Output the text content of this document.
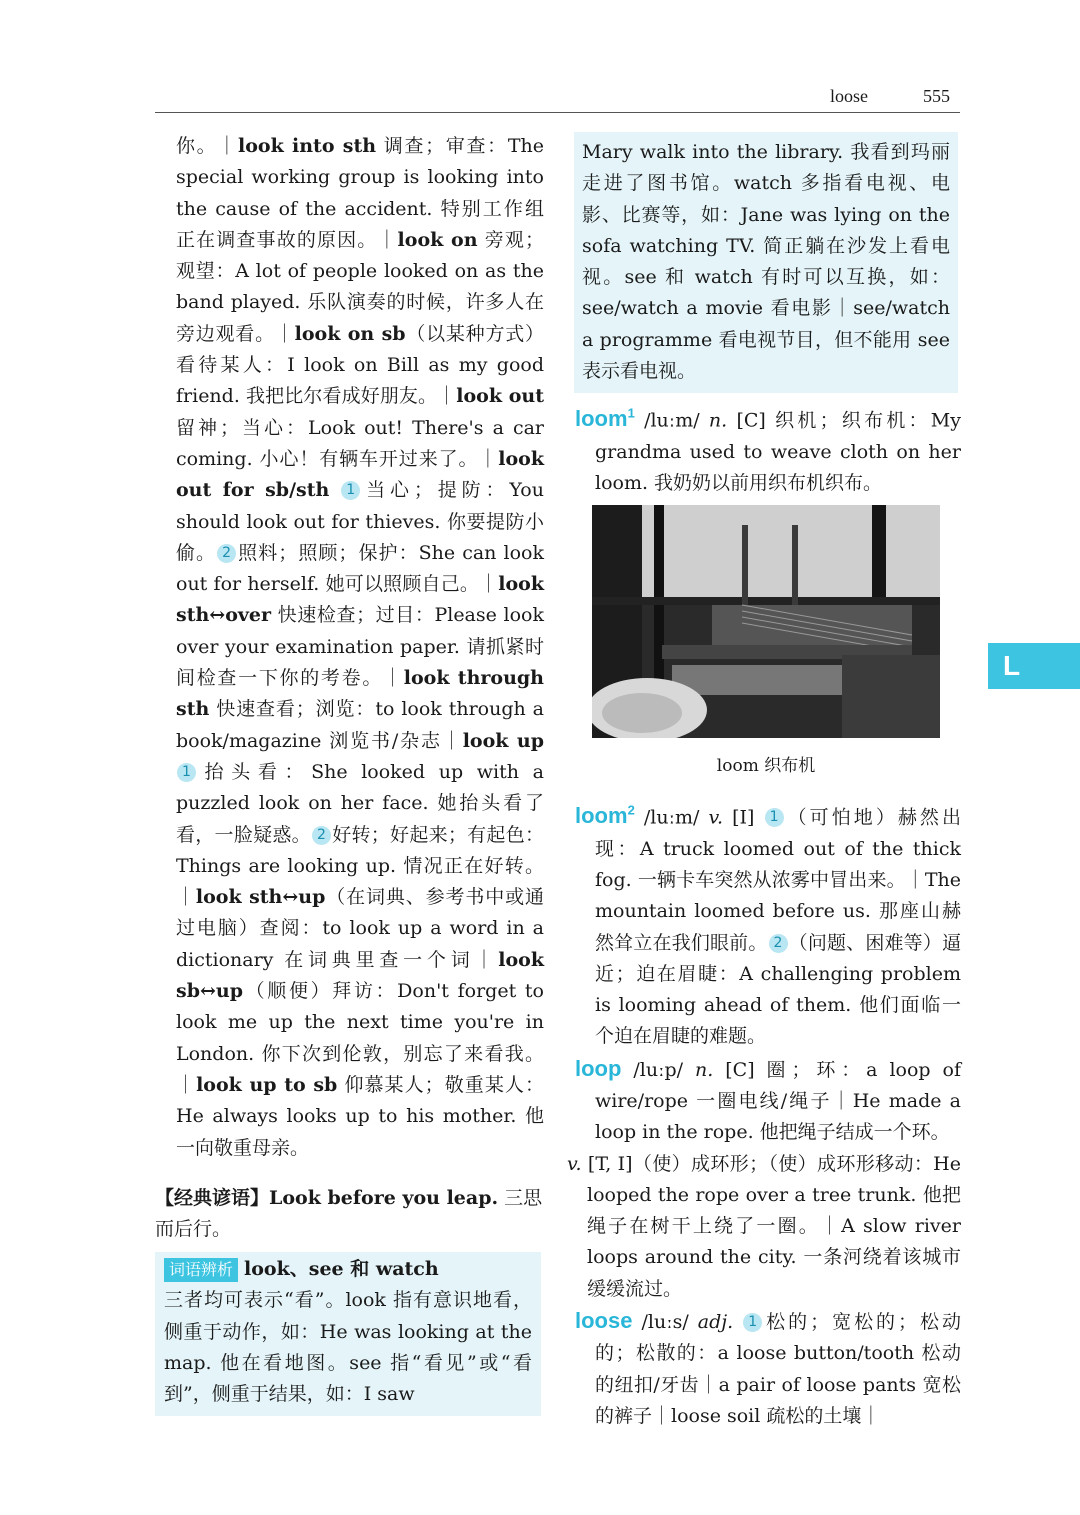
loose	555
L

你。｜look into sth 调查；审查：The special working group is looking into the cause of the accident. 特别工作组正在调查事故的原因。｜look on 旁观；观望：A lot of people looked on as the band played. 乐队演奏的时候，许多人在旁边观看。｜look on sb（以某种方式）看待某人：I look on Bill as my good friend. 我把比尔看成好朋友。｜look out 留神；当心：Look out! There's a car coming. 小心！有辆车开过来了。｜look out for sb/sth 1 当心；提防：You should look out for thieves. 你要提防小偷。 2 照料；照顾；保护：She can look out for herself. 她可以照顾自己。｜look sth↔over 快速检查；过目：Please look over your examination paper. 请抓紧时间检查一下你的考卷。｜look through sth 快速查看；浏览：to look through a book/magazine 浏览书/杂志｜look up 1 抬头看：She looked up with a puzzled look on her face. 她抬头看了看，一脸疑惑。 2 好转；好起来；有起色：Things are looking up. 情况正在好转。｜look sth↔up（在词典、参考书中或通过电脑）查阅：to look up a word in a dictionary 在词典里查一个词｜look sb↔up（顺便）拜访：Don't forget to look me up the next time you're in London. 你下次到伦敦，别忘了来看我。｜look up to sb 仰慕某人；敬重某人：He always looks up to his mother. 他一向敬重母亲。

【经典谚语】Look before you leap. 三思而后行。
词语辨析 look、see 和 watch
三者均可表示“看”。look 指有意识地看，侧重于动作，如：He was looking at the map. 他在看地图。see 指“看见”或“看到”，侧重于结果，如：I saw
Mary walk into the library. 我看到玛丽走进了图书馆。watch 多指看电视、电影、比赛等，如：Jane was lying on the sofa watching TV. 简正躺在沙发上看电视。see 和 watch 有时可以互换，如：see/watch a movie 看电影｜see/watch a programme 看电视节目，但不能用 see 表示看电视。

loom$^1$ /luːm/ n. [C] 织机；织布机：My grandma used to weave cloth on her loom. 我奶奶以前用织布机织布。

loom 织布机

loom$^2$ /luːm/ v. [I] 1 （可怕地）赫然出现：A truck loomed out of the thick fog. 一辆卡车突然从浓雾中冒出来。｜The mountain loomed before us. 那座山赫然耸立在我们眼前。 2 （问题、困难等）逼近；迫在眉睫：A challenging problem is looming ahead of them. 他们面临一个迫在眉睫的难题。

loop /luːp/ n. [C] 圈；环：a loop of wire/rope 一圈电线/绳子｜He made a loop in the rope. 他把绳子结成一个环。

v. [T, I]（使）成环形；（使）成环形移动：He looped the rope over a tree trunk. 他把绳子在树干上绕了一圈。｜A slow river loops around the city. 一条河绕着该城市缓缓流过。

loose /luːs/ adj. 1 松的；宽松的；松动的；松散的：a loose button/tooth 松动的纽扣/牙齿｜a pair of loose pants 宽松的裤子｜loose soil 疏松的土壤｜
